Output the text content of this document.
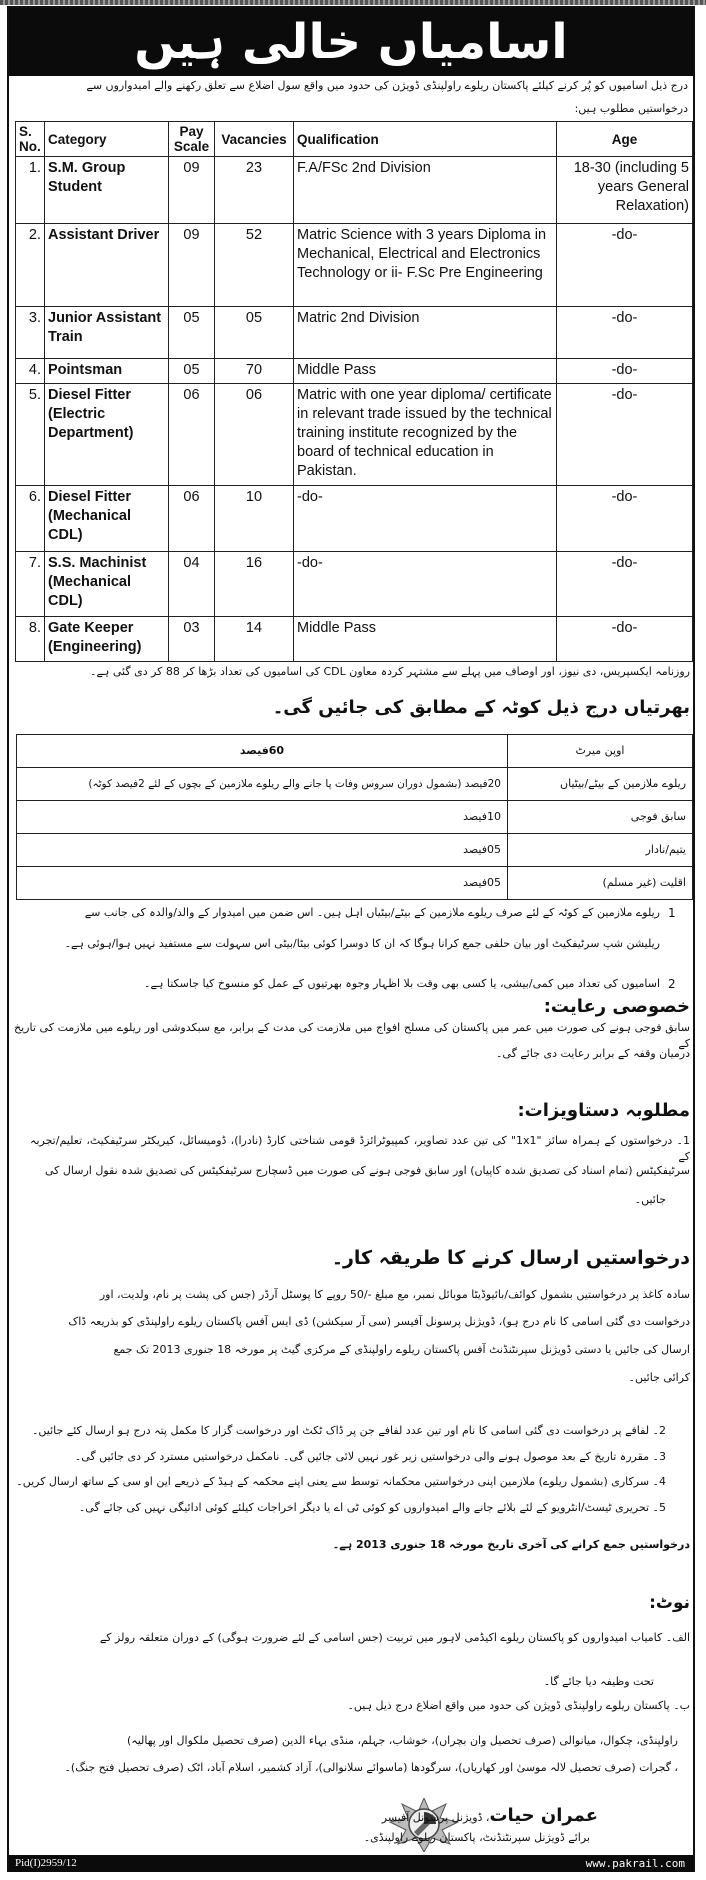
اسامیاں خالی ہیں
درج ذیل اسامیوں کو پُر کرنے کیلئے پاکستان ریلوے راولپنڈی ڈویژن کی حدود میں واقع سول اضلاع سے تعلق رکھنے والے امیدواروں سے
درخواستیں مطلوب ہیں:
S. No.	Category	Pay Scale	Vacancies	Qualification	Age
1.	S.M. Group Student	09	23	F.A/FSc 2nd Division	18-30 (including 5 years General Relaxation)
2.	Assistant Driver	09	52	Matric Science with 3 years Diploma in Mechanical, Electrical and Electronics Technology or ii- F.Sc Pre Engineering	-do-
3.	Junior Assistant Train	05	05	Matric 2nd Division	-do-
4.	Pointsman	05	70	Middle Pass	-do-
5.	Diesel Fitter (Electric Department)	06	06	Matric with one year diploma/ certificate in relevant trade issued by the technical training institute recognized by the board of technical education in Pakistan.	-do-
6.	Diesel Fitter (Mechanical CDL)	06	10	-do-	-do-
7.	S.S. Machinist (Mechanical CDL)	04	16	-do-	-do-
8.	Gate Keeper (Engineering)	03	14	Middle Pass	-do-
روزنامہ ایکسپریس، دی نیوز، اور اوصاف میں پہلے سے مشتہر کردہ معاون CDL کی اسامیوں کی تعداد بڑھا کر 88 کر دی گئی ہے۔
بھرتیاں درج ذیل کوٹہ کے مطابق کی جائیں گی۔
اوپن میرٹ	60فیصد
ریلوے ملازمین کے بیٹے/بیٹیاں	20فیصد (بشمول دوران سروس وفات پا جانے والے ریلوے ملازمین کے بچوں کے لئے 2فیصد کوٹہ)
سابق فوجی	10فیصد
یتیم/نادار	05فیصد
اقلیت (غیر مسلم)	05فیصد
1
ریلوے ملازمین کے کوٹہ کے لئے صرف ریلوے ملازمین کے بیٹے/بیٹیاں اہل ہیں۔ اس ضمن میں امیدوار کے والد/والدہ کی جانب سے
ریلیشن شپ سرٹیفکیٹ اور بیان حلفی جمع کرانا ہوگا کہ ان کا دوسرا کوئی بیٹا/بیٹی اس سہولت سے مستفید نہیں ہوا/ہوئی ہے۔
2
اسامیوں کی تعداد میں کمی/بیشی، یا کسی بھی وقت بلا اظہار وجوہ بھرتیوں کے عمل کو منسوخ کیا جاسکتا ہے۔
خصوصی رعایت:
سابق فوجی ہونے کی صورت میں عمر میں پاکستان کی مسلح افواج میں ملازمت کی مدت کے برابر، مع سبکدوشی اور ریلوے میں ملازمت کی تاریخ کے
درمیان وقفہ کے برابر رعایت دی جائے گی۔
مطلوبہ دستاویزات:
1۔ درخواستوں کے ہمراہ سائز "1x1" کی تین عدد تصاویر، کمپیوٹرائزڈ قومی شناختی کارڈ (نادرا)، ڈومیسائل، کیریکٹر سرٹیفکیٹ، تعلیم/تجربہ کے
سرٹیفکیٹس (تمام اسناد کی تصدیق شدہ کاپیاں) اور سابق فوجی ہونے کی صورت میں ڈسچارج سرٹیفکیٹس کی تصدیق شدہ نقول ارسال کی
جائیں۔
درخواستیں ارسال کرنے کا طریقہ کار۔
سادہ کاغذ پر درخواستیں بشمول کوائف/بائیوڈیٹا موبائل نمبر، مع مبلغ -/50 روپے کا پوسٹل آرڈر (جس کی پشت پر نام، ولدیت، اور
درخواست دی گئی اسامی کا نام درج ہو)، ڈویژنل پرسونل آفیسر (سی آر سیکشن) ڈی ایس آفس پاکستان ریلوے راولپنڈی کو بذریعہ ڈاک
ارسال کی جائیں یا دستی ڈویژنل سپرنٹنڈنٹ آفس پاکستان ریلوے راولپنڈی کے مرکزی گیٹ پر مورخہ 18 جنوری 2013 تک جمع
کرائی جائیں۔
2۔ لفافے پر درخواست دی گئی اسامی کا نام اور تین عدد لفافے جن پر ڈاک ٹکٹ اور درخواست گزار کا مکمل پتہ درج ہو ارسال کئے جائیں۔
3۔ مقررہ تاریخ کے بعد موصول ہونے والی درخواستیں زیر غور نہیں لائی جائیں گی۔ نامکمل درخواستیں مسترد کر دی جائیں گی۔
4۔ سرکاری (بشمول ریلوے) ملازمین اپنی درخواستیں محکمانہ توسط سے یعنی اپنے محکمہ کے ہیڈ کے ذریعے این او سی کے ساتھ ارسال کریں۔
5۔ تحریری ٹیسٹ/انٹرویو کے لئے بلائے جانے والے امیدواروں کو کوئی ٹی اے یا دیگر اخراجات کیلئے کوئی ادائیگی نہیں کی جائے گی۔
درخواستیں جمع کرانے کی آخری تاریخ مورخہ 18 جنوری 2013 ہے۔
نوٹ:
الف۔ کامیاب امیدواروں کو پاکستان ریلوے اکیڈمی لاہور میں تربیت (جس اسامی کے لئے ضرورت ہوگی) کے دوران متعلقہ رولز کے
تحت وظیفہ دیا جائے گا۔
ب۔ پاکستان ریلوے راولپنڈی ڈویژن کی حدود میں واقع اضلاع درج ذیل ہیں۔
راولپنڈی، چکوال، میانوالی (صرف تحصیل وان بچراں)، خوشاب، جہلم، منڈی بہاء الدین (صرف تحصیل ملکوال اور پھالیہ)
، گجرات (صرف تحصیل لالہ موسیٰ اور کھاریاں)، سرگودھا (ماسوائے سلانوالی)، آزاد کشمیر، اسلام آباد، اٹک (صرف تحصیل فتح جنگ)۔
عمران حیات، ڈویژنل پرسونل آفیسر
برائے ڈویژنل سپرنٹنڈنٹ، پاکستان ریلوے راولپنڈی۔
Pid(I)2959/12	www.pakrail.com
